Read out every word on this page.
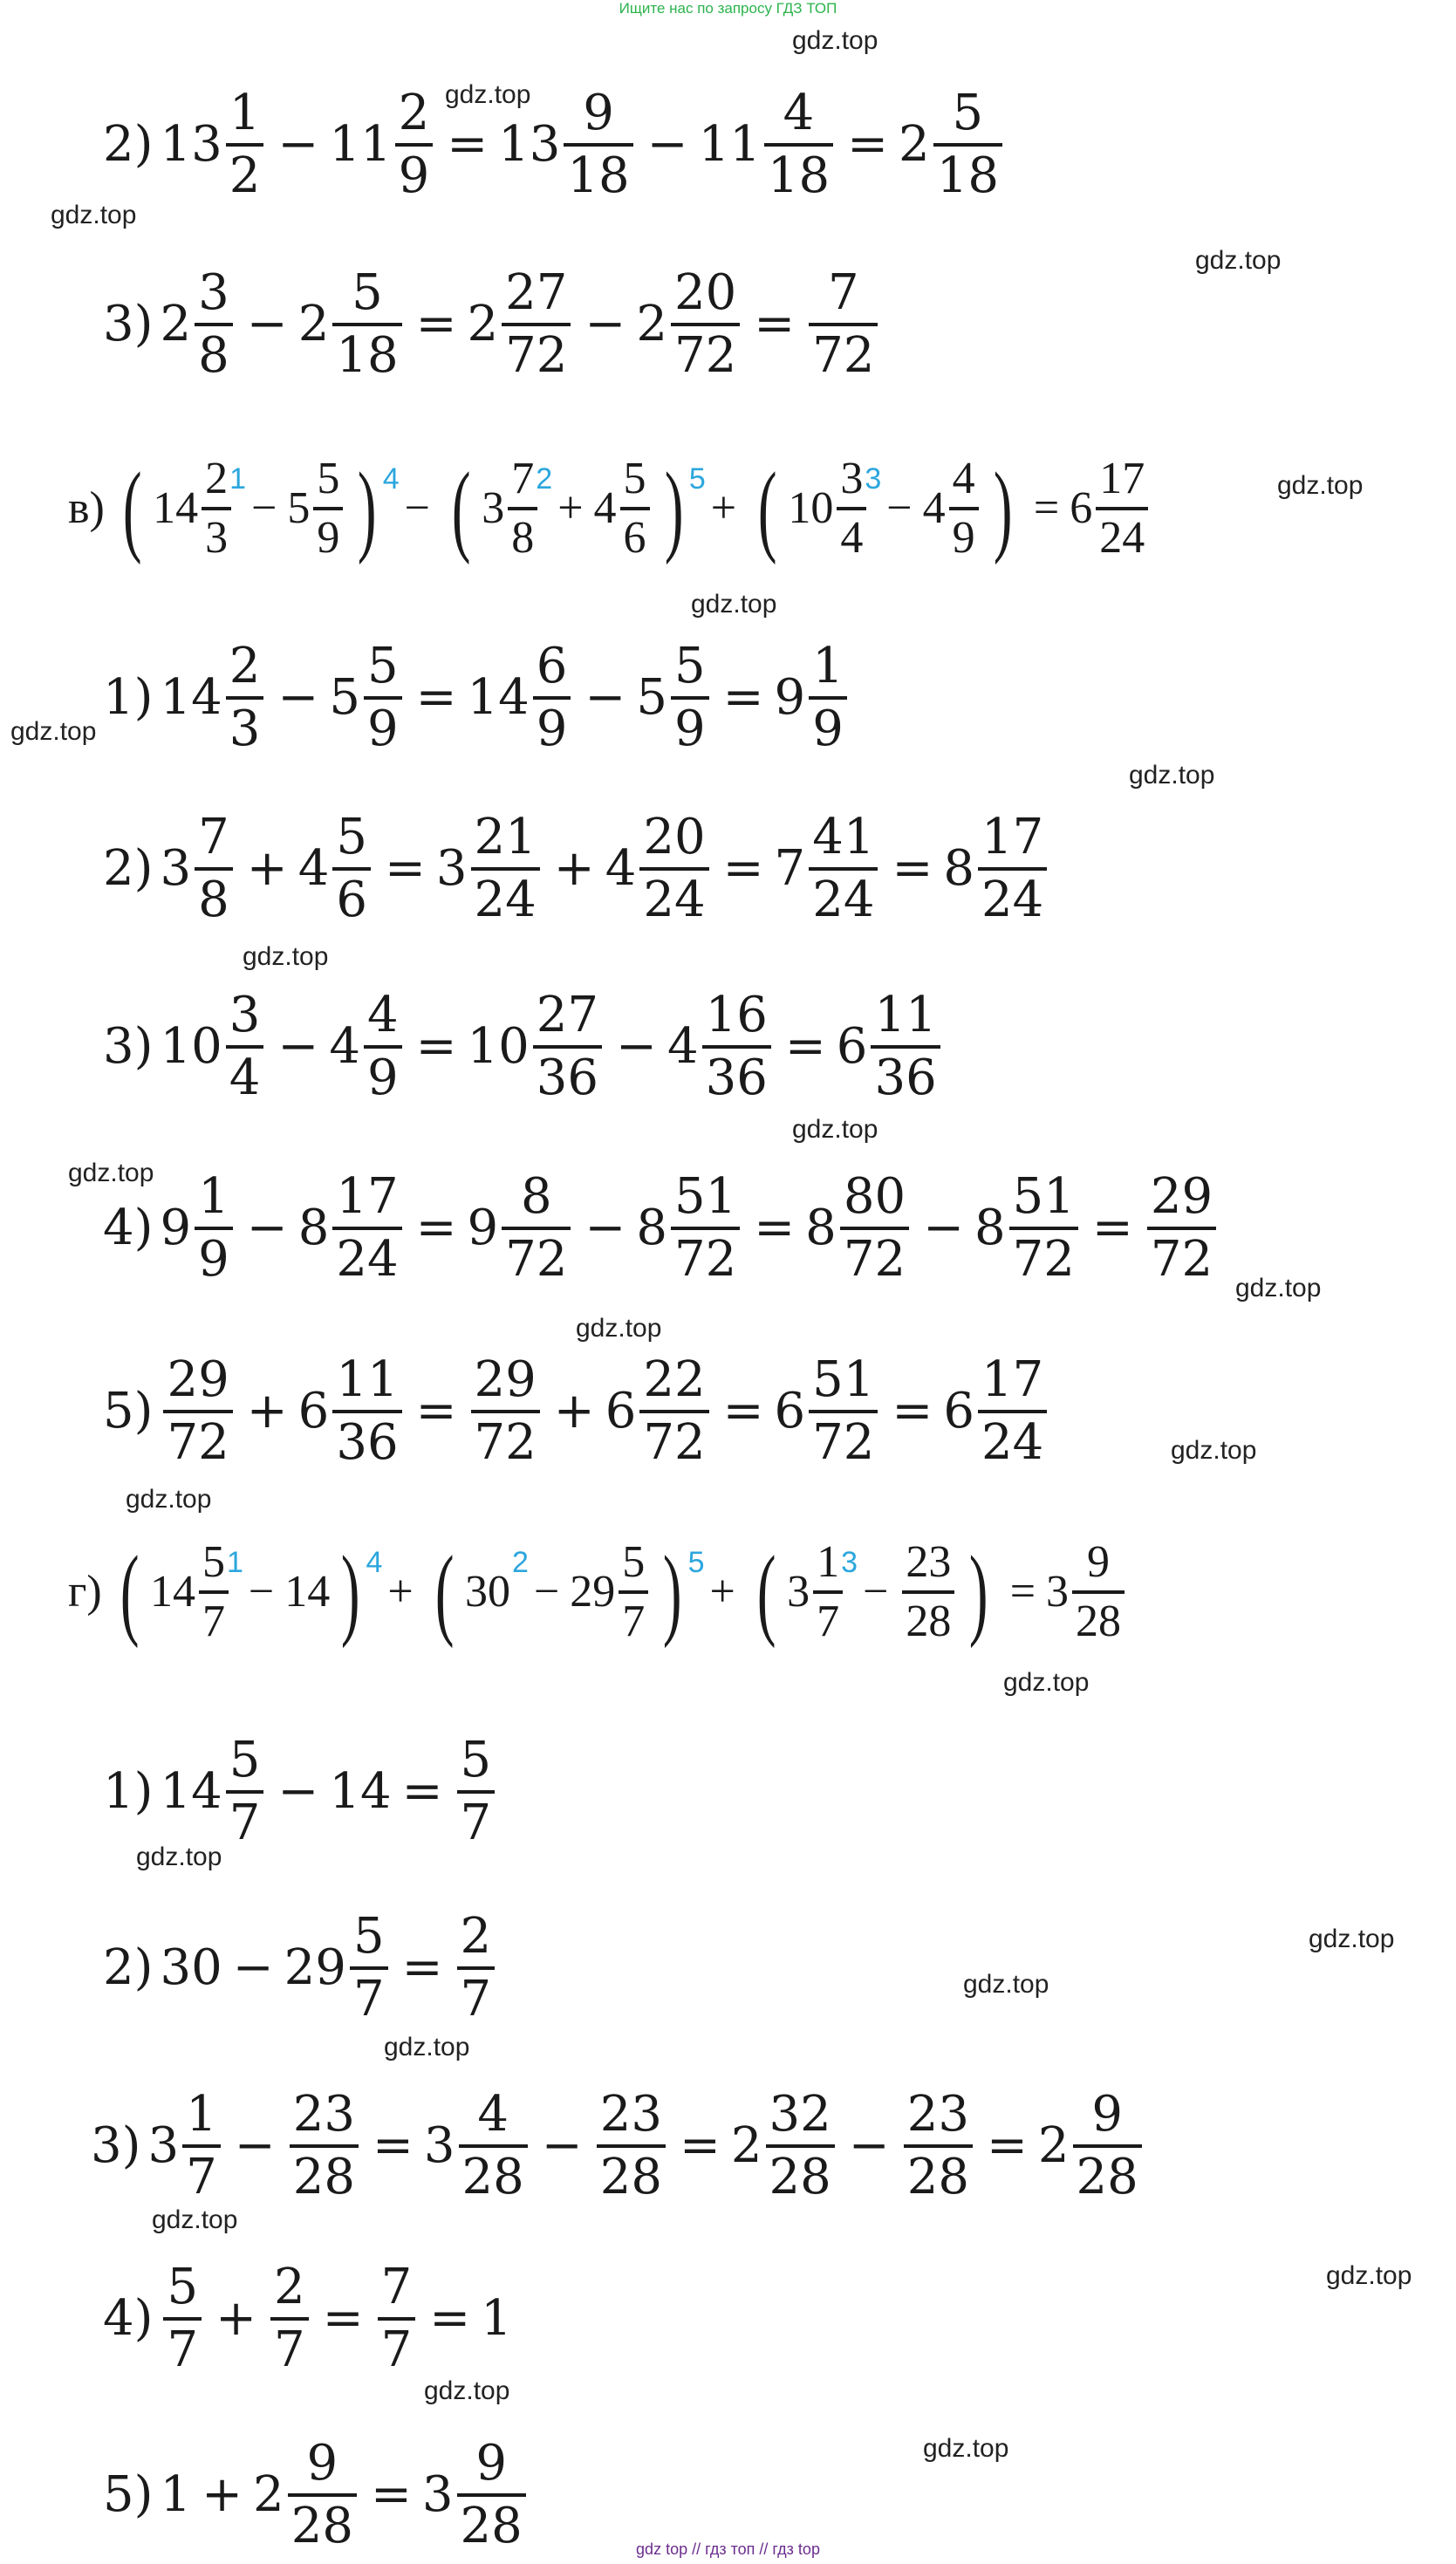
Ищите нас по запросу ГДЗ ТОП
gdz.top
gdz.top
gdz.top
gdz.top
gdz.top
gdz.top
gdz.top
gdz.top
gdz.top
gdz.top
gdz.top
gdz.top
gdz.top
gdz.top
gdz.top
gdz.top
gdz.top
gdz.top
gdz.top
gdz.top
gdz.top
gdz.top
gdz.top
gdz.top
2) $13 \frac{1}{2} - 11 \frac{2}{9} = 13 \frac{9}{18} - 11 \frac{4}{18} = 2 \frac{5}{18}$
3) $2 \frac{3}{8} - 2 \frac{5}{18} = 2 \frac{27}{72} - 2 \frac{20}{72} = \frac{7}{72}$
в) ( $14 \frac{2}{3}$
1
− $5 \frac{5}{9}$ ) 4
− ( $3 \frac{7}{8}$
2
+ $4 \frac{5}{6}$ ) 5
+ ( $10 \frac{3}{4}$
3
− $4 \frac{4}{9}$ ) = $6 \frac{17}{24}$
1) $14 \frac{2}{3} - 5 \frac{5}{9} = 14 \frac{6}{9} - 5 \frac{5}{9} = 9 \frac{1}{9}$
2) $3 \frac{7}{8} + 4 \frac{5}{6} = 3 \frac{21}{24} + 4 \frac{20}{24} = 7 \frac{41}{24} = 8 \frac{17}{24}$
3) $10 \frac{3}{4} - 4 \frac{4}{9} = 10 \frac{27}{36} - 4 \frac{16}{36} = 6 \frac{11}{36}$
4) $9 \frac{1}{9} - 8 \frac{17}{24} = 9 \frac{8}{72} - 8 \frac{51}{72} = 8 \frac{80}{72} - 8 \frac{51}{72} = \frac{29}{72}$
$5) \frac{29}{72} + 6 \frac{11}{36} = \frac{29}{72} + 6 \frac{22}{72} = 6 \frac{51}{72} = 6 \frac{17}{24}$
г) ( $14 \frac{5}{7}$
1
− 14 ) 4
+ ( 30
2
− $29 \frac{5}{7}$ ) 5
+ ( $3 \frac{1}{7}$
3
− $\frac{23}{28}$ ) = $3 \frac{9}{28}$
1) $14 \frac{5}{7} - 14 = \frac{5}{7}$
2) $30 - 29 \frac{5}{7} = \frac{2}{7}$
3) $3 \frac{1}{7} - \frac{23}{28} = 3 \frac{4}{28} - \frac{23}{28} = 2 \frac{32}{28} - \frac{23}{28} = 2 \frac{9}{28}$
$4) \frac{5}{7} + \frac{2}{7} = \frac{7}{7} = 1$
5) $1 + 2 \frac{9}{28} = 3 \frac{9}{28}$	gdz top // гдз топ // гдз top
